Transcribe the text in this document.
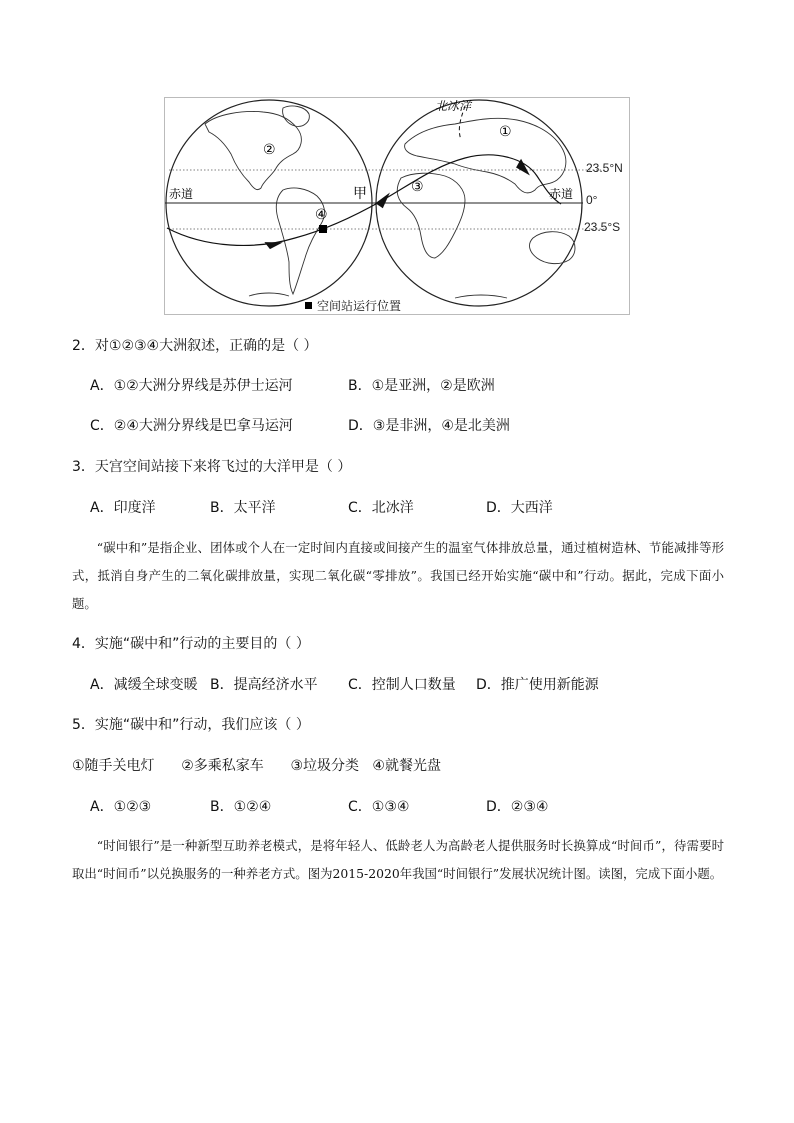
②
④
③
①
甲
北冰洋
赤道	赤道
空间站运行位置
23.5°N
0°
23.5°S
2．对①②③④大洲叙述，正确的是（ ）
A．①②大洲分界线是苏伊士运河	B．①是亚洲，②是欧洲
C．②④大洲分界线是巴拿马运河	D．③是非洲，④是北美洲
3．天宫空间站接下来将飞过的大洋甲是（ ）
A．印度洋	B．太平洋	C．北冰洋	D．大西洋
“碳中和”是指企业、团体或个人在一定时间内直接或间接产生的温室气体排放总量，通过植树造林、节能减排等形式，抵消自身产生的二氧化碳排放量，实现二氧化碳“零排放”。我国已经开始实施“碳中和”行动。据此，完成下面小题。
4．实施“碳中和”行动的主要目的（ ）
A．减缓全球变暖 B．提高经济水平 C．控制人口数量 D．推广使用新能源
5．实施“碳中和”行动，我们应该（ ）
①随手关电灯      ②多乘私家车      ③垃圾分类   ④就餐光盘
A．①②③	B．①②④	C．①③④	D．②③④
“时间银行”是一种新型互助养老模式，是将年轻人、低龄老人为高龄老人提供服务时长换算成“时间币”，待需要时取出“时间币”以兑换服务的一种养老方式。图为2015-2020年我国“时间银行”发展状况统计图。读图，完成下面小题。
